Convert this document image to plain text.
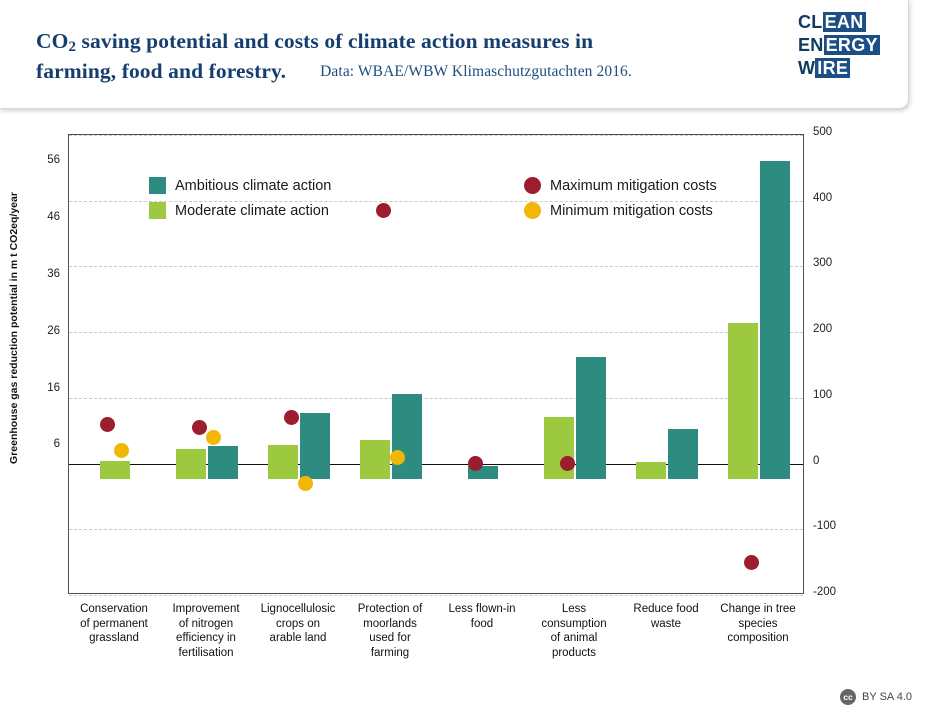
$CO_2$ saving potential and costs of climate action measures in
farming, food and forestry. Data: WBAE/WBW Klimaschutzgutachten 2016.
CL EAN
EN ERGY
W IRE
Greenhouse gas reduction potential in m t CO2eq/year	6
16
26
36
46
56
-200
-100
0
100
200
300
400
500
Ambitious climate action
Moderate climate action
Maximum mitigation costs
Minimum mitigation costs
Conservation
of permanent
grassland
Improvement
of nitrogen
efficiency in
fertilisation
Lignocellulosic
crops on
arable land
Protection of
moorlands
used for
farming
Less flown-in
food
Less
consumption
of animal
products
Reduce food
waste
Change in tree
species
composition
cc BY SA 4.0
